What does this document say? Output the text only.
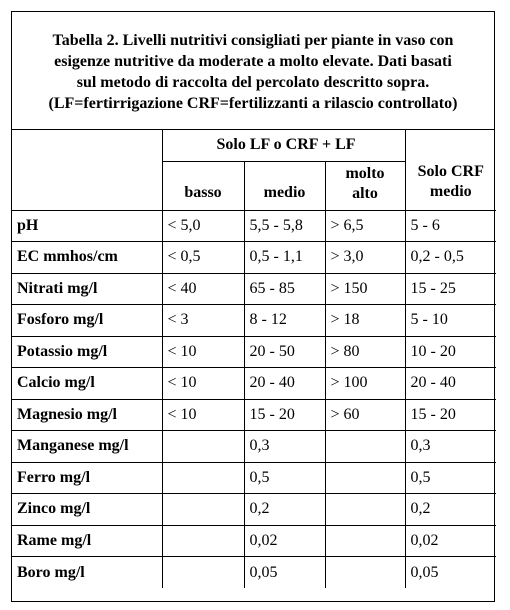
Tabella 2. Livelli nutritivi consigliati per piante in vaso con
esigenze nutritive da moderate a molto elevate. Dati basati
sul metodo di raccolta del percolato descritto sopra.
(LF=fertirrigazione CRF=fertilizzanti a rilascio controllato)
	Solo LF o CRF + LF			Solo CRF
medio

	basso	medio	molto
alto	

pH	< 5,0	5,5 - 5,8	> 6,5	5 - 6
EC mmhos/cm	< 0,5	0,5 - 1,1	> 3,0	0,2 - 0,5
Nitrati mg/l	< 40	65 - 85	> 150	15 - 25
Fosforo mg/l	< 3	8 - 12	> 18	5 - 10
Potassio mg/l	< 10	20 - 50	> 80	10 - 20
Calcio mg/l	< 10	20 - 40	> 100	20 - 40
Magnesio mg/l	< 10	15 - 20	> 60	15 - 20
Manganese mg/l		0,3		0,3
Ferro mg/l		0,5		0,5
Zinco mg/l		0,2		0,2
Rame mg/l		0,02		0,02
Boro mg/l		0,05		0,05
